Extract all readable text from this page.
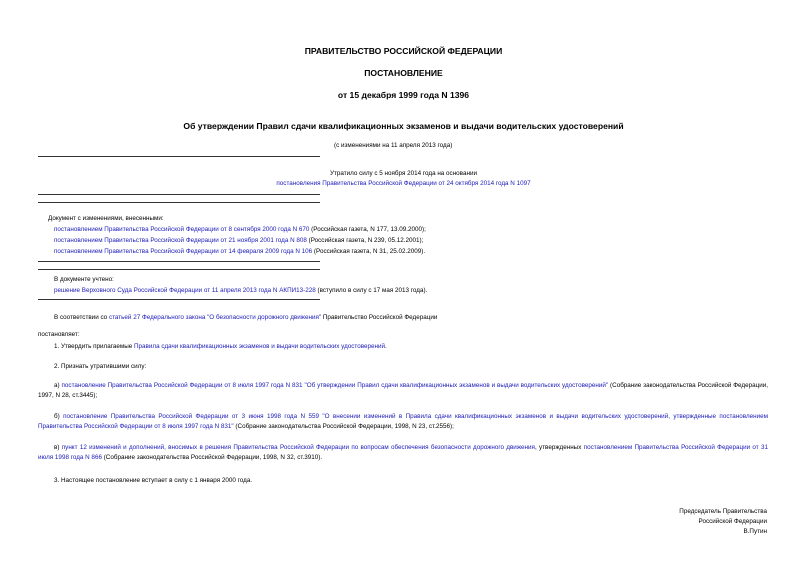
ПРАВИТЕЛЬСТВО РОССИЙСКОЙ ФЕДЕРАЦИИ
ПОСТАНОВЛЕНИЕ
от 15 декабря 1999 года N 1396
Об утверждении Правил сдачи квалификационных экзаменов и выдачи водительских удостоверений
(с изменениями на 11 апреля 2013 года)
Утратило силу с 5 ноября 2014 года на основании
постановления Правительства Российской Федерации от 24 октября 2014 года N 1097
Документ с изменениями, внесенными:
постановлением Правительства Российской Федерации от 8 сентября 2000 года N 670 (Российская газета, N 177, 13.09.2000);
постановлением Правительства Российской Федерации от 21 ноября 2001 года N 808 (Российская газета, N 239, 05.12.2001);
постановлением Правительства Российской Федерации от 14 февраля 2009 года N 106 (Российская газета, N 31, 25.02.2009).
В документе учтено:
решение Верховного Суда Российской Федерации от 11 апреля 2013 года N АКПИ13-228 (вступило в силу с 17 мая 2013 года).
В соответствии со статьей 27 Федерального закона "О безопасности дорожного движения" Правительство Российской Федерации
постановляет:
1. Утвердить прилагаемые Правила сдачи квалификационных экзаменов и выдачи водительских удостоверений.
2. Признать утратившими силу:
а) постановление Правительства Российской Федерации от 8 июля 1997 года N 831 "Об утверждении Правил сдачи квалификационных экзаменов и выдачи водительских удостоверений" (Собрание законодательства Российской Федерации, 1997, N 28, ст.3445);
б) постановление Правительства Российской Федерации от 3 июня 1998 года N 559 "О внесении изменений в Правила сдачи квалификационных экзаменов и выдачи водительских удостоверений, утвержденные постановлением Правительства Российской Федерации от 8 июля 1997 года N 831" (Собрание законодательства Российской Федерации, 1998, N 23, ст.2556);
в) пункт 12 изменений и дополнений, вносимых в решения Правительства Российской Федерации по вопросам обеспечения безопасности дорожного движения, утвержденных постановлением Правительства Российской Федерации от 31 июля 1998 года N 866 (Собрание законодательства Российской Федерации, 1998, N 32, ст.3910).
3. Настоящее постановление вступает в силу с 1 января 2000 года.
Председатель Правительства
Российской Федерации
В.Путин
